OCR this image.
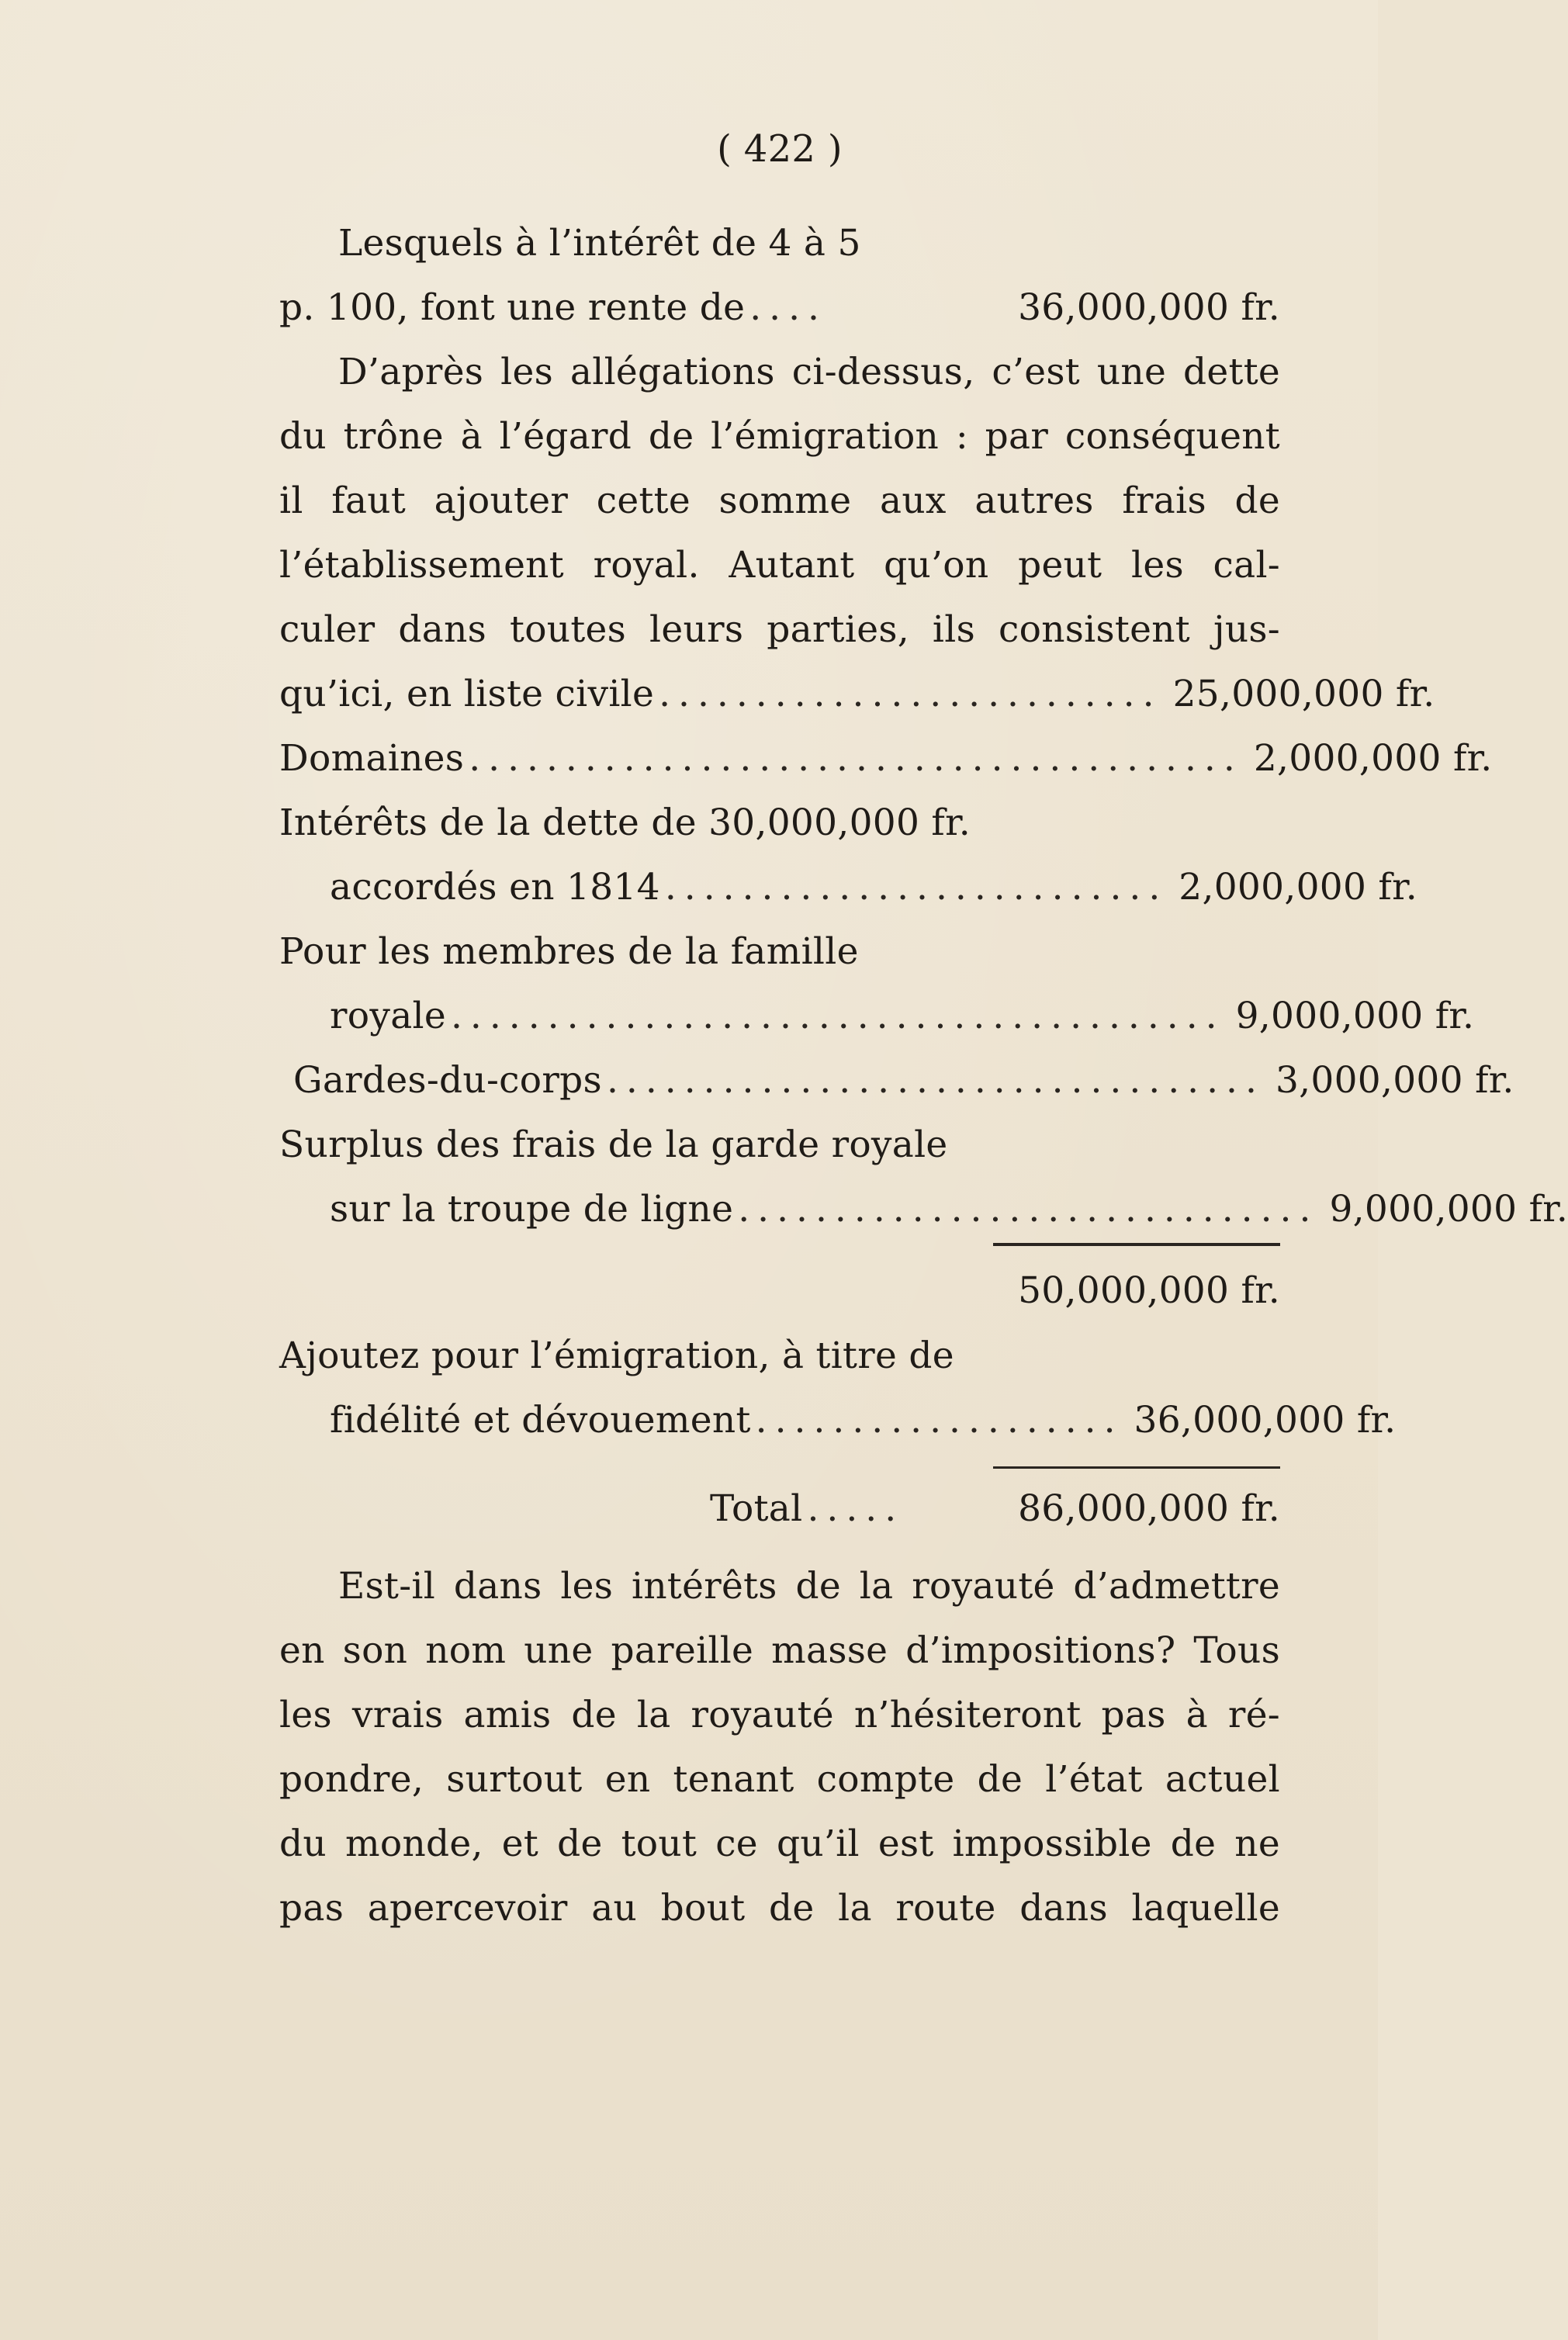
( 422 )
Lesquels à l’intérêt de 4 à 5
p. 100, font une rente de ....	36,000,000 fr.
D’après les allégations ci-dessus, c’est une dette
du trône à l’égard de l’émigration : par conséquent
il faut ajouter cette somme aux autres frais de
l’établissement royal. Autant qu’on peut les cal-
culer dans toutes leurs parties, ils consistent jus-
qu’ici, en liste civile .......................... 25,000,000 fr.
Domaines ........................................ 2,000,000 fr.
Intérêts de la dette de 30,000,000 fr.
accordés en 1814 .......................... 2,000,000 fr.
Pour les membres de la famille
royale ........................................ 9,000,000 fr.
Gardes-du-corps .................................. 3,000,000 fr.
Surplus des frais de la garde royale
sur la troupe de ligne .............................. 9,000,000 fr.
50,000,000 fr.
Ajoutez pour l’émigration, à titre de
fidélité et dévouement ................... 36,000,000 fr.
Total .....	86,000,000 fr.
Est-il dans les intérêts de la royauté d’admettre
en son nom une pareille masse d’impositions? Tous
les vrais amis de la royauté n’hésiteront pas à ré-
pondre, surtout en tenant compte de l’état actuel
du monde, et de tout ce qu’il est impossible de ne
pas apercevoir au bout de la route dans laquelle
